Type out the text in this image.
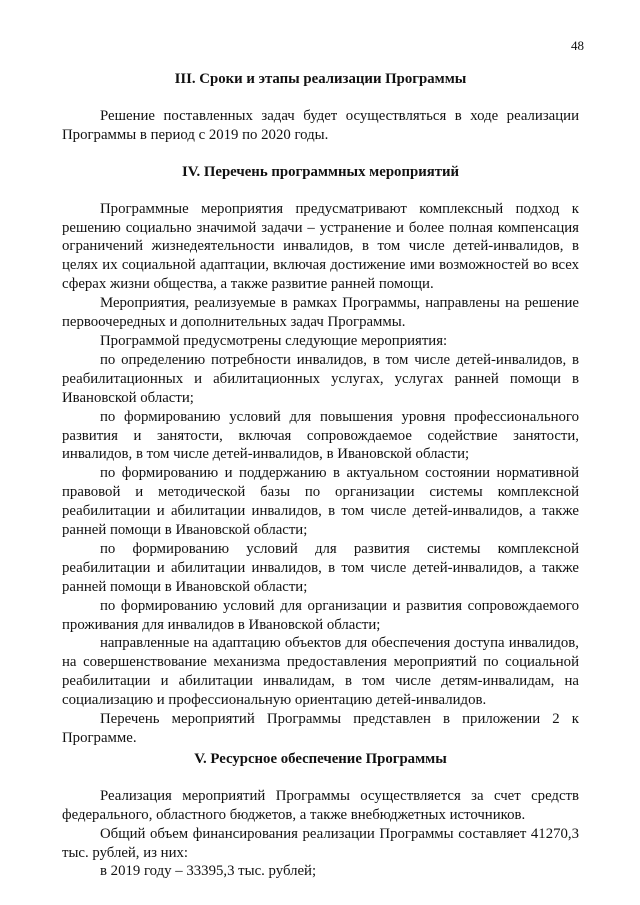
48

III. Сроки и этапы реализации Программы

Решение поставленных задач будет осуществляться в ходе реализации Программы в период с 2019 по 2020 годы.

IV. Перечень программных мероприятий

Программные мероприятия предусматривают комплексный подход к решению социально значимой задачи – устранение и более полная компенсация ограничений жизнедеятельности инвалидов, в том числе детей-инвалидов, в целях их социальной адаптации, включая достижение ими возможностей во всех сферах жизни общества, а также развитие ранней помощи.

Мероприятия, реализуемые в рамках Программы, направлены на решение первоочередных и дополнительных задач Программы.

Программой предусмотрены следующие мероприятия:

по определению потребности инвалидов, в том числе детей-инвалидов, в реабилитационных и абилитационных услугах, услугах ранней помощи в Ивановской области;

по формированию условий для повышения уровня профессионального развития и занятости, включая сопровождаемое содействие занятости, инвалидов, в том числе детей-инвалидов, в Ивановской области;

по формированию и поддержанию в актуальном состоянии нормативной правовой и методической базы по организации системы комплексной реабилитации и абилитации инвалидов, в том числе детей-инвалидов, а также ранней помощи в Ивановской области;

по формированию условий для развития системы комплексной реабилитации и абилитации инвалидов, в том числе детей-инвалидов, а также ранней помощи в Ивановской области;

по формированию условий для организации и развития сопровождаемого проживания для инвалидов в Ивановской области;

направленные на адаптацию объектов для обеспечения доступа инвалидов, на совершенствование механизма предоставления мероприятий по социальной реабилитации и абилитации инвалидам, в том числе детям-инвалидам, на социализацию и профессиональную ориентацию детей-инвалидов.

Перечень мероприятий Программы представлен в приложении 2 к Программе.

V. Ресурсное обеспечение Программы

Реализация мероприятий Программы осуществляется за счет средств федерального, областного бюджетов, а также внебюджетных источников.

Общий объем финансирования реализации Программы составляет 41270,3 тыс. рублей, из них:

в 2019 году – 33395,3 тыс. рублей;
